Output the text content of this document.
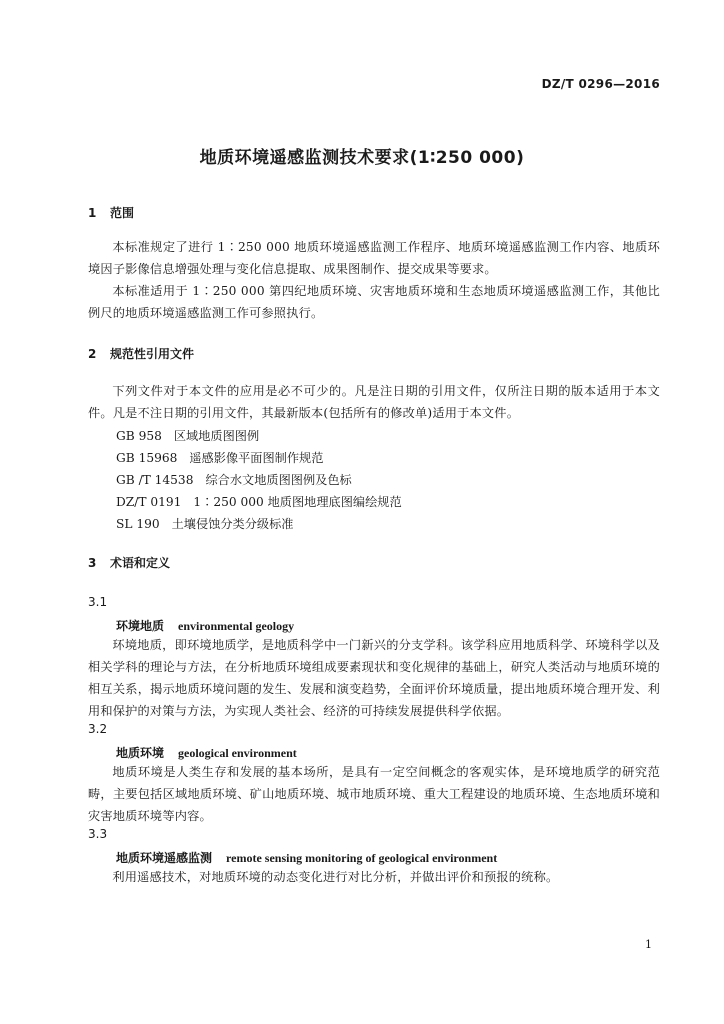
DZ/T 0296—2016
地质环境遥感监测技术要求(1∶250 000)
1 范围
本标准规定了进行 1∶250 000 地质环境遥感监测工作程序、地质环境遥感监测工作内容、地质环境因子影像信息增强处理与变化信息提取、成果图制作、提交成果等要求。
本标准适用于 1∶250 000 第四纪地质环境、灾害地质环境和生态地质环境遥感监测工作，其他比例尺的地质环境遥感监测工作可参照执行。
2 规范性引用文件
下列文件对于本文件的应用是必不可少的。凡是注日期的引用文件，仅所注日期的版本适用于本文件。凡是不注日期的引用文件，其最新版本(包括所有的修改单)适用于本文件。
GB 958 区域地质图图例
GB 15968 遥感影像平面图制作规范
GB /T 14538 综合水文地质图图例及色标
DZ/T 0191 1∶250 000 地质图地理底图编绘规范
SL 190 土壤侵蚀分类分级标准
3 术语和定义
3.1
环境地质 environmental geology
环境地质，即环境地质学，是地质科学中一门新兴的分支学科。该学科应用地质科学、环境科学以及相关学科的理论与方法，在分析地质环境组成要素现状和变化规律的基础上，研究人类活动与地质环境的相互关系，揭示地质环境问题的发生、发展和演变趋势，全面评价环境质量，提出地质环境合理开发、利用和保护的对策与方法，为实现人类社会、经济的可持续发展提供科学依据。
3.2
地质环境 geological environment
地质环境是人类生存和发展的基本场所，是具有一定空间概念的客观实体，是环境地质学的研究范畴，主要包括区域地质环境、矿山地质环境、城市地质环境、重大工程建设的地质环境、生态地质环境和灾害地质环境等内容。
3.3
地质环境遥感监测 remote sensing monitoring of geological environment
利用遥感技术，对地质环境的动态变化进行对比分析，并做出评价和预报的统称。
1
